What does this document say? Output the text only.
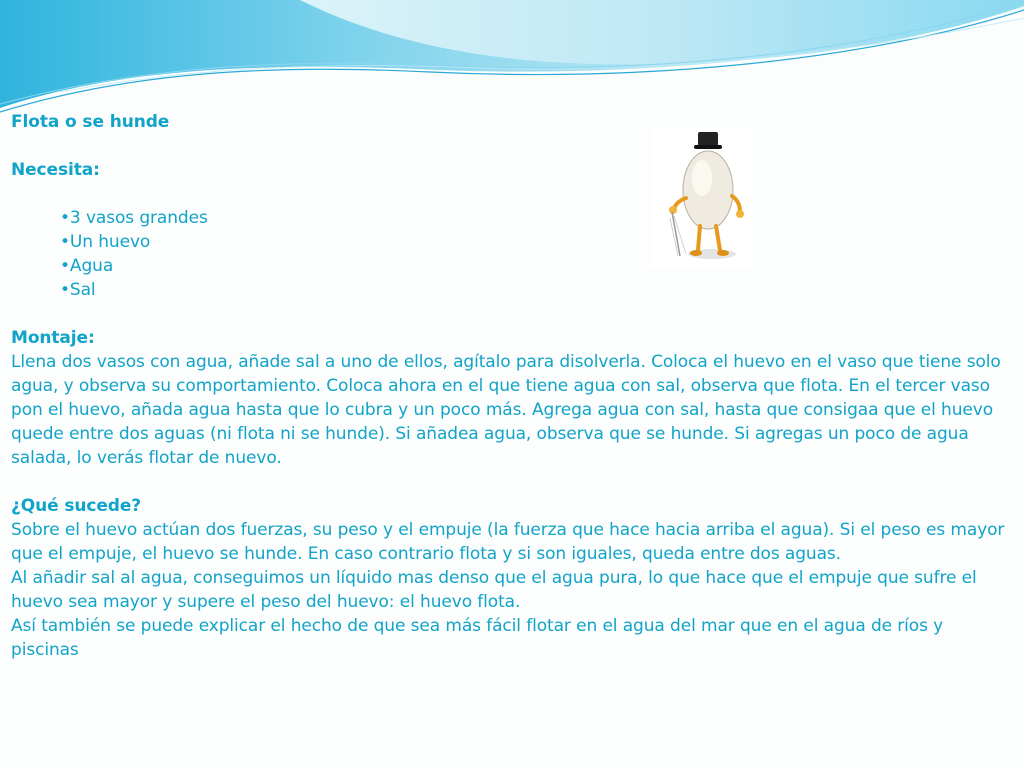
Flota o se hunde

Necesita:

•3 vasos grandes

•Un huevo

•Agua

•Sal

Montaje:

Llena dos vasos con agua, añade sal a uno de ellos, agítalo para disolverla. Coloca el huevo en el vaso que tiene solo agua, y observa su comportamiento. Coloca ahora en el que tiene agua con sal, observa que flota. En el tercer vaso pon el huevo, añada agua hasta que lo cubra y un poco más. Agrega agua con sal, hasta que consigaa que el huevo quede entre dos aguas (ni flota ni se hunde). Si añadea agua, observa que se hunde. Si agregas un poco de agua salada, lo verás flotar de nuevo.

¿Qué sucede?

Sobre el huevo actúan dos fuerzas, su peso y el empuje (la fuerza que hace hacia arriba el agua). Si el peso es mayor que el empuje, el huevo se hunde. En caso contrario flota y si son iguales, queda entre dos aguas.

Al añadir sal al agua, conseguimos un líquido mas denso que el agua pura, lo que hace que el empuje que sufre el huevo sea mayor y supere el peso del huevo: el huevo flota.

Así también se puede explicar el hecho de que sea más fácil flotar en el agua del mar que en el agua de ríos y piscinas
